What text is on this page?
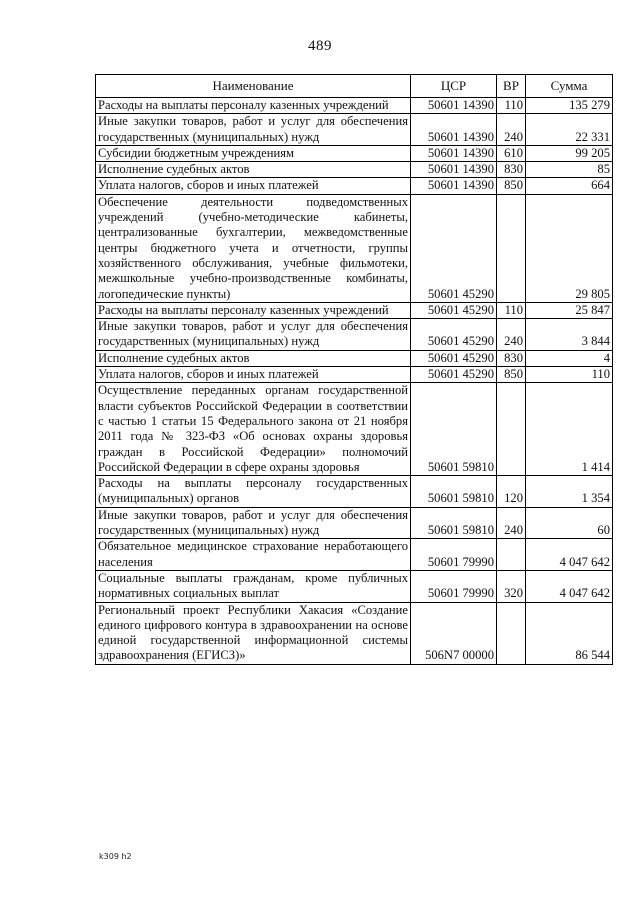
489
Наименование	ЦСР	ВР	Сумма
Расходы на выплаты персоналу казенных учреждений	50601 14390	110	135 279
Иные закупки товаров, работ и услуг для обеспечения государственных (муниципальных) нужд	50601 14390	240	22 331
Субсидии бюджетным учреждениям	50601 14390	610	99 205
Исполнение судебных актов	50601 14390	830	85
Уплата налогов, сборов и иных платежей	50601 14390	850	664
Обеспечение деятельности подведомственных учреждений (учебно-методические кабинеты, централизованные бухгалтерии, межведомственные центры бюджетного учета и отчетности, группы хозяйственного обслуживания, учебные фильмотеки, межшкольные учебно-производственные комбинаты, логопедические пункты)	50601 45290		29 805
Расходы на выплаты персоналу казенных учреждений	50601 45290	110	25 847
Иные закупки товаров, работ и услуг для обеспечения государственных (муниципальных) нужд	50601 45290	240	3 844
Исполнение судебных актов	50601 45290	830	4
Уплата налогов, сборов и иных платежей	50601 45290	850	110
Осуществление переданных органам государственной власти субъектов Российской Федерации в соответствии с частью 1 статьи 15 Федерального закона от 21 ноября 2011 года № 323-ФЗ «Об основах охраны здоровья граждан в Российской Федерации» полномочий Российской Федерации в сфере охраны здоровья	50601 59810		1 414
Расходы на выплаты персоналу государственных (муниципальных) органов	50601 59810	120	1 354
Иные закупки товаров, работ и услуг для обеспечения государственных (муниципальных) нужд	50601 59810	240	60
Обязательное медицинское страхование неработающего населения	50601 79990		4 047 642
Социальные выплаты гражданам, кроме публичных нормативных социальных выплат	50601 79990	320	4 047 642
Региональный проект Республики Хакасия «Создание единого цифрового контура в здравоохранении на основе единой государственной информационной системы здравоохранения (ЕГИСЗ)»	506N7 00000		86 544
k309 h2
